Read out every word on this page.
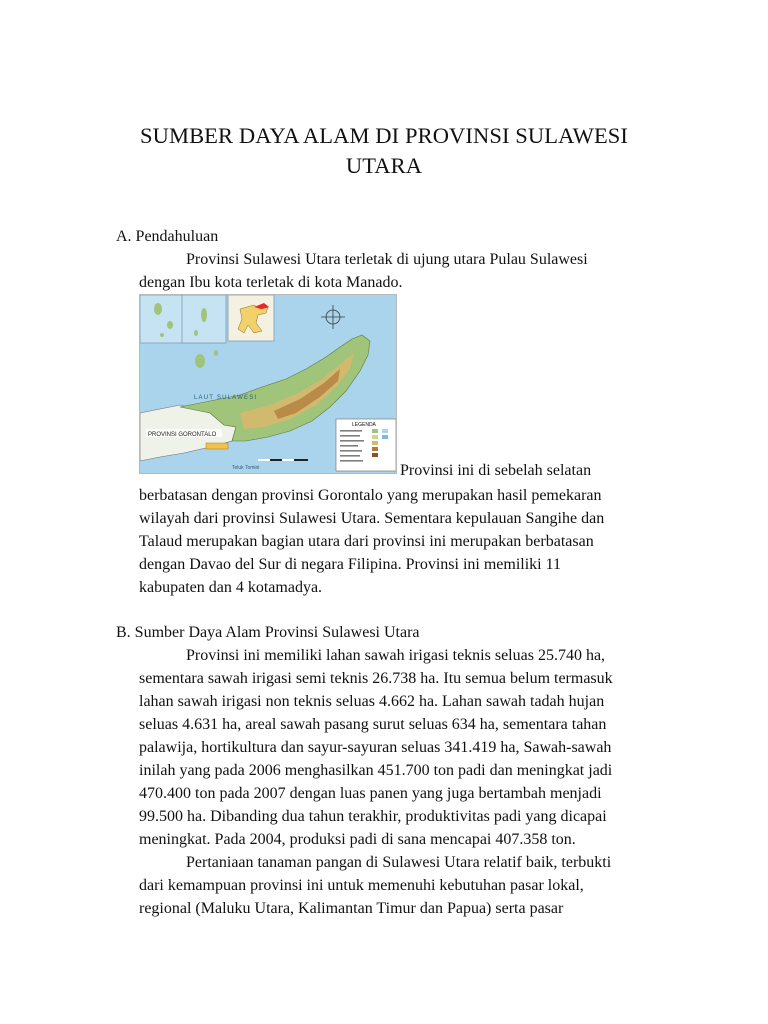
SUMBER DAYA ALAM DI PROVINSI SULAWESI
UTARA
A. Pendahuluan
Provinsi Sulawesi Utara terletak di ujung utara Pulau Sulawesi
dengan Ibu kota terletak di kota Manado.
PROVINSI GORONTALO
LAUT SULAWESI
Teluk Tomini
LEGENDA
Provinsi ini di sebelah selatan
berbatasan dengan provinsi Gorontalo yang merupakan hasil pemekaran
wilayah dari provinsi Sulawesi Utara. Sementara kepulauan Sangihe dan
Talaud merupakan bagian utara dari provinsi ini merupakan berbatasan
dengan Davao del Sur di negara Filipina. Provinsi ini memiliki 11
kabupaten dan 4 kotamadya.
B. Sumber Daya Alam Provinsi Sulawesi Utara
Provinsi ini memiliki lahan sawah irigasi teknis seluas 25.740 ha,
sementara sawah irigasi semi teknis 26.738 ha. Itu semua belum termasuk
lahan sawah irigasi non teknis seluas 4.662 ha. Lahan sawah tadah hujan
seluas 4.631 ha, areal sawah pasang surut seluas 634 ha, sementara tahan
palawija, hortikultura dan sayur-sayuran seluas 341.419 ha, Sawah-sawah
inilah yang pada 2006 menghasilkan 451.700 ton padi dan meningkat jadi
470.400 ton pada 2007 dengan luas panen yang juga bertambah menjadi
99.500 ha. Dibanding dua tahun terakhir, produktivitas padi yang dicapai
meningkat. Pada 2004, produksi padi di sana mencapai 407.358 ton.
Pertaniaan tanaman pangan di Sulawesi Utara relatif baik, terbukti
dari kemampuan provinsi ini untuk memenuhi kebutuhan pasar lokal,
regional (Maluku Utara, Kalimantan Timur dan Papua) serta pasar
